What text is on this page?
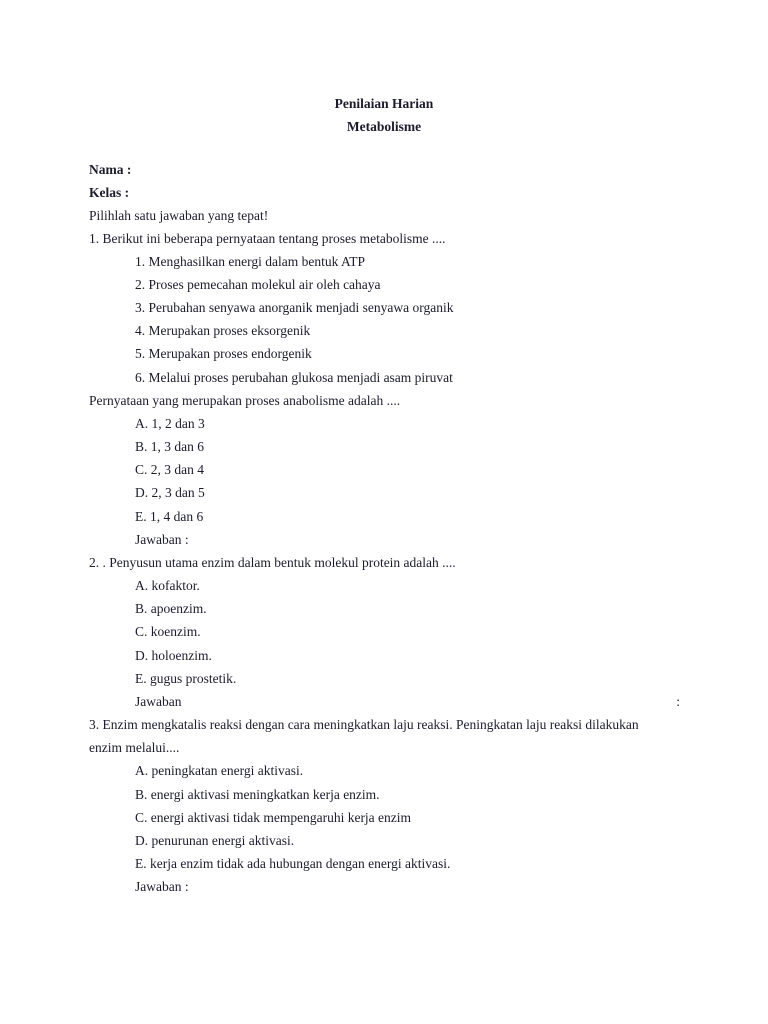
Penilaian Harian
Metabolisme
Nama :
Kelas :
Pilihlah satu jawaban yang tepat!
1. Berikut ini beberapa pernyataan tentang proses metabolisme ....
1. Menghasilkan energi dalam bentuk ATP
2. Proses pemecahan molekul air oleh cahaya
3. Perubahan senyawa anorganik menjadi senyawa organik
4. Merupakan proses eksorgenik
5. Merupakan proses endorgenik
6. Melalui proses perubahan glukosa menjadi asam piruvat
Pernyataan yang merupakan proses anabolisme adalah ....
A. 1, 2 dan 3
B. 1, 3 dan 6
C. 2, 3 dan 4
D. 2, 3 dan 5
E. 1, 4 dan 6
Jawaban :
2. . Penyusun utama enzim dalam bentuk molekul protein adalah ....
A. kofaktor.
B. apoenzim.
C. koenzim.
D. holoenzim.
E. gugus prostetik.
Jawaban	:
3. Enzim mengkatalis reaksi dengan cara meningkatkan laju reaksi. Peningkatan laju reaksi dilakukan
enzim melalui....
A. peningkatan energi aktivasi.
B. energi aktivasi meningkatkan kerja enzim.
C. energi aktivasi tidak mempengaruhi kerja enzim
D. penurunan energi aktivasi.
E. kerja enzim tidak ada hubungan dengan energi aktivasi.
Jawaban :
